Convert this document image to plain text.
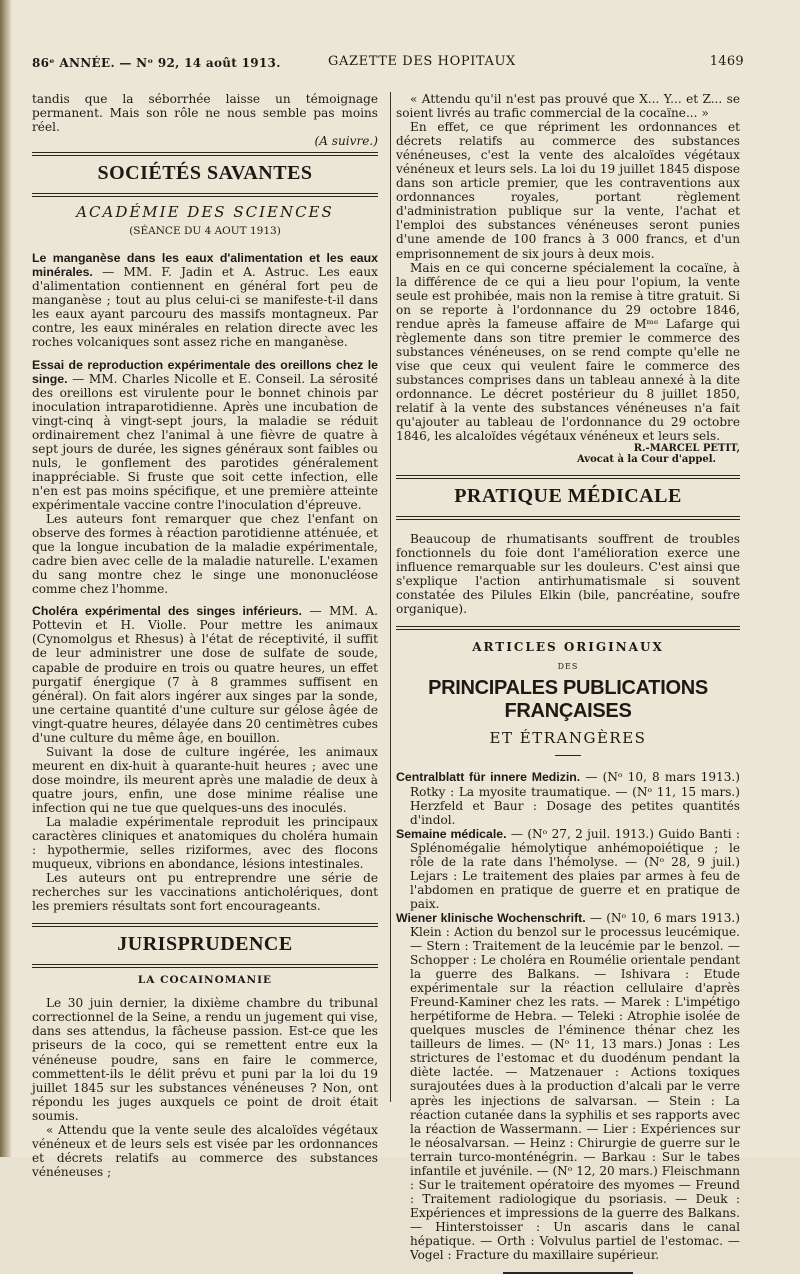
86ᵉ ANNÉE. — Nᵒ 92, 14 août 1913.	GAZETTE DES HOPITAUX	1469

tandis que la séborrhée laisse un témoignage permanent. Mais son rôle ne nous semble pas moins réel.

(A suivre.)

SOCIÉTÉS SAVANTES
ACADÉMIE DES SCIENCES
(SÉANCE DU 4 AOUT 1913)

Le manganèse dans les eaux d'alimentation et les eaux minérales. — MM. F. Jadin et A. Astruc. Les eaux d'alimentation contiennent en général fort peu de manganèse ; tout au plus celui-ci se manifeste-t-il dans les eaux ayant parcouru des massifs montagneux. Par contre, les eaux minérales en relation directe avec les roches volcaniques sont assez riche en manganèse.

Essai de reproduction expérimentale des oreillons chez le singe. — MM. Charles Nicolle et E. Conseil. La sérosité des oreillons est virulente pour le bonnet chinois par inoculation intraparotidienne. Après une incubation de vingt-cinq à vingt-sept jours, la maladie se réduit ordinairement chez l'animal à une fièvre de quatre à sept jours de durée, les signes généraux sont faibles ou nuls, le gonflement des parotides généralement inappréciable. Si fruste que soit cette infection, elle n'en est pas moins spécifique, et une première atteinte expérimentale vaccine contre l'inoculation d'épreuve.

Les auteurs font remarquer que chez l'enfant on observe des formes à réaction parotidienne atténuée, et que la longue incubation de la maladie expérimentale, cadre bien avec celle de la maladie naturelle. L'examen du sang montre chez le singe une mononucléose comme chez l'homme.

Choléra expérimental des singes inférieurs. — MM. A. Pottevin et H. Violle. Pour mettre les animaux (Cynomolgus et Rhesus) à l'état de réceptivité, il suffit de leur administrer une dose de sulfate de soude, capable de produire en trois ou quatre heures, un effet purgatif énergique (7 à 8 grammes suffisent en général). On fait alors ingérer aux singes par la sonde, une certaine quantité d'une culture sur gélose âgée de vingt-quatre heures, délayée dans 20 centimètres cubes d'une culture du même âge, en bouillon.

Suivant la dose de culture ingérée, les animaux meurent en dix-huit à quarante-huit heures ; avec une dose moindre, ils meurent après une maladie de deux à quatre jours, enfin, une dose minime réalise une infection qui ne tue que quelques-uns des inoculés.

La maladie expérimentale reproduit les principaux caractères cliniques et anatomiques du choléra humain : hypothermie, selles riziformes, avec des flocons muqueux, vibrions en abondance, lésions intestinales.

Les auteurs ont pu entreprendre une série de recherches sur les vaccinations anticholériques, dont les premiers résultats sont fort encourageants.

JURISPRUDENCE
LA COCAINOMANIE

Le 30 juin dernier, la dixième chambre du tribunal correctionnel de la Seine, a rendu un jugement qui vise, dans ses attendus, la fâcheuse passion. Est-ce que les priseurs de la coco, qui se remettent entre eux la vénéneuse poudre, sans en faire le commerce, commettent-ils le délit prévu et puni par la loi du 19 juillet 1845 sur les substances vénéneuses ? Non, ont répondu les juges auxquels ce point de droit était soumis.

« Attendu que la vente seule des alcaloïdes végétaux vénéneux et de leurs sels est visée par les ordonnances et décrets relatifs au commerce des substances vénéneuses ;

« Attendu qu'il n'est pas prouvé que X... Y... et Z... se soient livrés au trafic commercial de la cocaïne... »

En effet, ce que répriment les ordonnances et décrets relatifs au commerce des substances vénéneuses, c'est la vente des alcaloïdes végétaux vénéneux et leurs sels. La loi du 19 juillet 1845 dispose dans son article premier, que les contraventions aux ordonnances royales, portant règlement d'administration publique sur la vente, l'achat et l'emploi des substances vénéneuses seront punies d'une amende de 100 francs à 3 000 francs, et d'un emprisonnement de six jours à deux mois.

Mais en ce qui concerne spécialement la cocaïne, à la différence de ce qui a lieu pour l'opium, la vente seule est prohibée, mais non la remise à titre gratuit. Si on se reporte à l'ordonnance du 29 octobre 1846, rendue après la fameuse affaire de Mᵐᵉ Lafarge qui règlemente dans son titre premier le commerce des substances vénéneuses, on se rend compte qu'elle ne vise que ceux qui veulent faire le commerce des substances comprises dans un tableau annexé à la dite ordonnance. Le décret postérieur du 8 juillet 1850, relatif à la vente des substances vénéneuses n'a fait qu'ajouter au tableau de l'ordonnance du 29 octobre 1846, les alcaloïdes végétaux vénéneux et leurs sels.

R.-MARCEL PETIT,
Avocat à la Cour d'appel.
PRATIQUE MÉDICALE

Beaucoup de rhumatisants souffrent de troubles fonctionnels du foie dont l'amélioration exerce une influence remarquable sur les douleurs. C'est ainsi que s'explique l'action antirhumatismale si souvent constatée des Pilules Elkin (bile, pancréatine, soufre organique).

ARTICLES ORIGINAUX
DES
PRINCIPALES PUBLICATIONS FRANÇAISES
ET ÉTRANGÈRES

Centralblatt für innere Medizin. — (Nᵒ 10, 8 mars 1913.) Rotky : La myosite traumatique. — (Nᵒ 11, 15 mars.) Herzfeld et Baur : Dosage des petites quantités d'indol.

Semaine médicale. — (Nᵒ 27, 2 juil. 1913.) Guido Banti : Splénomégalie hémolytique anhémopoiétique ; le rôle de la rate dans l'hémolyse. — (Nᵒ 28, 9 juil.) Lejars : Le traitement des plaies par armes à feu de l'abdomen en pratique de guerre et en pratique de paix.

Wiener klinische Wochenschrift. — (Nᵒ 10, 6 mars 1913.) Klein : Action du benzol sur le processus leucémique. — Stern : Traitement de la leucémie par le benzol. — Schopper : Le choléra en Roumélie orientale pendant la guerre des Balkans. — Ishivara : Etude expérimentale sur la réaction cellulaire d'après Freund-Kaminer chez les rats. — Marek : L'impétigo herpétiforme de Hebra. — Teleki : Atrophie isolée de quelques muscles de l'éminence thénar chez les tailleurs de limes. — (Nᵒ 11, 13 mars.) Jonas : Les strictures de l'estomac et du duodénum pendant la diète lactée. — Matzenauer : Actions toxiques surajoutées dues à la production d'alcali par le verre après les injections de salvarsan. — Stein : La réaction cutanée dans la syphilis et ses rapports avec la réaction de Wassermann. — Lier : Expériences sur le néosalvarsan. — Heinz : Chirurgie de guerre sur le terrain turco-monténégrin. — Barkau : Sur le tabes infantile et juvénile. — (Nᵒ 12, 20 mars.) Fleischmann : Sur le traitement opératoire des myomes — Freund : Traitement radiologique du psoriasis. — Deuk : Expériences et impressions de la guerre des Balkans. — Hinterstoisser : Un ascaris dans le canal hépatique. — Orth : Volvulus partiel de l'estomac. — Vogel : Fracture du maxillaire supérieur.
